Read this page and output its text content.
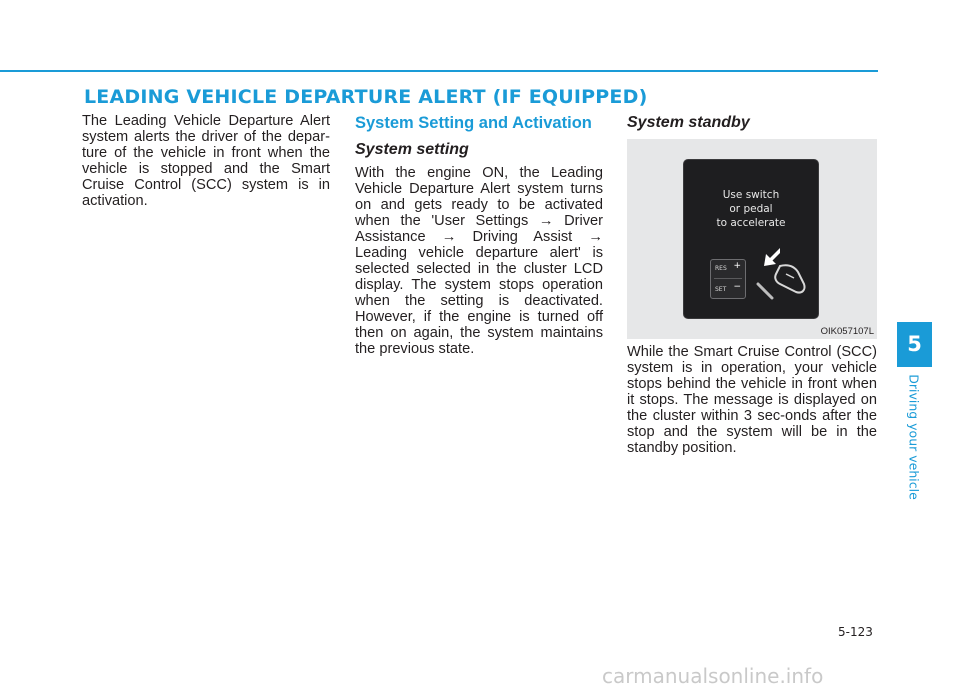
LEADING VEHICLE DEPARTURE ALERT (IF EQUIPPED)

The Leading Vehicle Departure Alert system alerts the driver of the depar-ture of the vehicle in front when the vehicle is stopped and the Smart Cruise Control (SCC) system is in activation.

System Setting and Activation
System setting

With the engine ON, the Leading Vehicle Departure Alert system turns on and gets ready to be activated when the 'User Settings → Driver Assistance → Driving Assist → Leading vehicle departure alert' is selected selected in the cluster LCD display. The system stops operation when the setting is deactivated. However, if the engine is turned off then on again, the system maintains the previous state.

System standby
Use switch
or pedal
to accelerate
RES +
SET −
OIK057107L

While the Smart Cruise Control (SCC) system is in operation, your vehicle stops behind the vehicle in front when it stops. The message is displayed on the cluster within 3 sec-onds after the stop and the system will be in the standby position.

5
Driving your vehicle
5-123
carmanualsonline.info
